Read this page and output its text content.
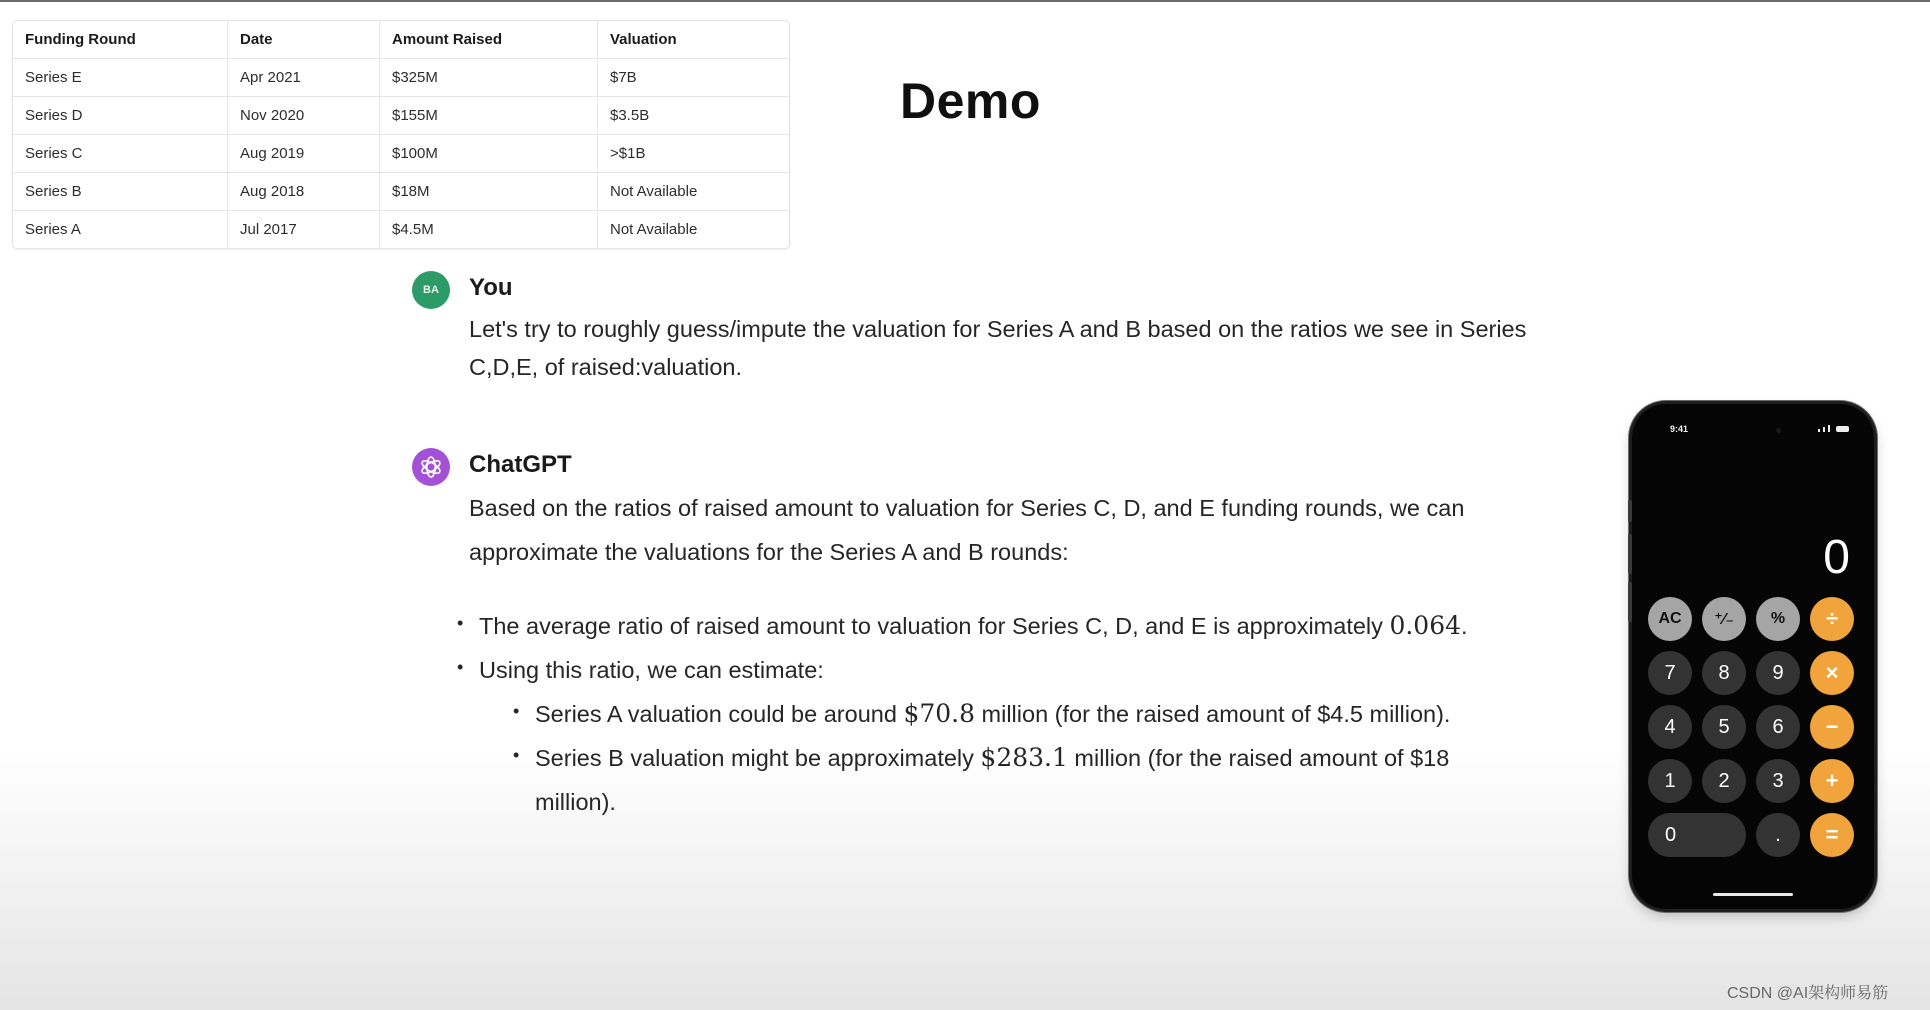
Funding Round	Date	Amount Raised	Valuation
Series E	Apr 2021	$325M	$7B
Series D	Nov 2020	$155M	$3.5B
Series C	Aug 2019	$100M	>$1B
Series B	Aug 2018	$18M	Not Available
Series A	Jul 2017	$4.5M	Not Available
Demo
BA	You
Let's try to roughly guess/impute the valuation for Series A and B based on the ratios we see in Series C,D,E, of raised:valuation.
ChatGPT
Based on the ratios of raised amount to valuation for Series C, D, and E funding rounds, we can approximate the valuations for the Series A and B rounds:
• The average ratio of raised amount to valuation for Series C, D, and E is approximately 0.064.
• Using this ratio, we can estimate:
• Series A valuation could be around $70.8 million (for the raised amount of $4.5 million).
• Series B valuation might be approximately $283.1 million (for the raised amount of $18
million).
9:41
0
AC	⁺∕₋	%	÷
7	8	9	×
4	5	6	−
1	2	3	+
0	.	=
CSDN @AI架构师易筋
